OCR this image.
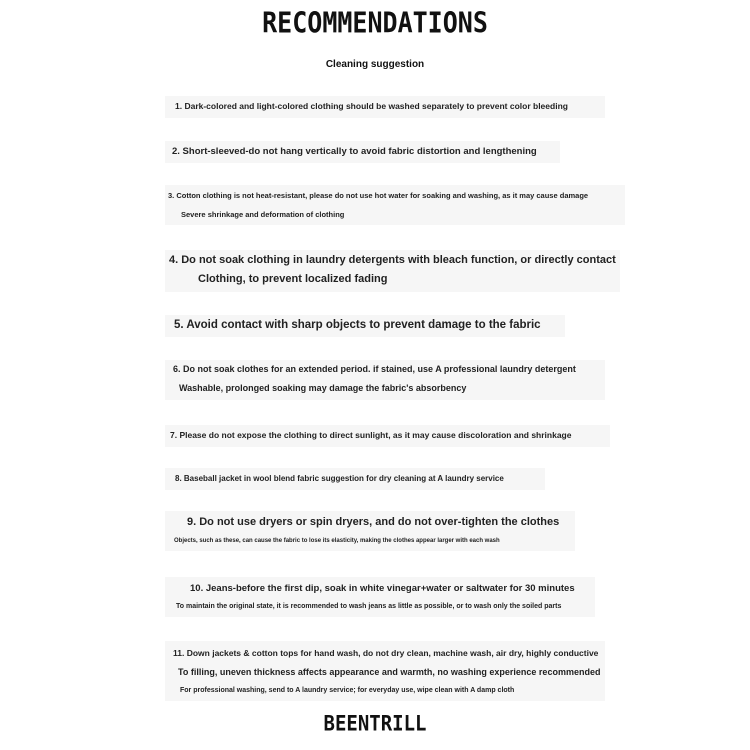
RECOMMENDATIONS
Cleaning suggestion
1. Dark-colored and light-colored clothing should be washed separately to prevent color bleeding
2. Short-sleeved-do not hang vertically to avoid fabric distortion and lengthening
3. Cotton clothing is not heat-resistant, please do not use hot water for soaking and washing, as it may cause damage
Severe shrinkage and deformation of clothing
4. Do not soak clothing in laundry detergents with bleach function, or directly contact
Clothing, to prevent localized fading
5. Avoid contact with sharp objects to prevent damage to the fabric
6. Do not soak clothes for an extended period. if stained, use A professional laundry detergent
Washable, prolonged soaking may damage the fabric's absorbency
7. Please do not expose the clothing to direct sunlight, as it may cause discoloration and shrinkage
8. Baseball jacket in wool blend fabric suggestion for dry cleaning at A laundry service
9. Do not use dryers or spin dryers, and do not over-tighten the clothes
Objects, such as these, can cause the fabric to lose its elasticity, making the clothes appear larger with each wash
10. Jeans-before the first dip, soak in white vinegar+water or saltwater for 30 minutes
To maintain the original state, it is recommended to wash jeans as little as possible, or to wash only the soiled parts
11. Down jackets & cotton tops for hand wash, do not dry clean, machine wash, air dry, highly conductive
To filling, uneven thickness affects appearance and warmth, no washing experience recommended
For professional washing, send to A laundry service; for everyday use, wipe clean with A damp cloth
BEENTRILL
